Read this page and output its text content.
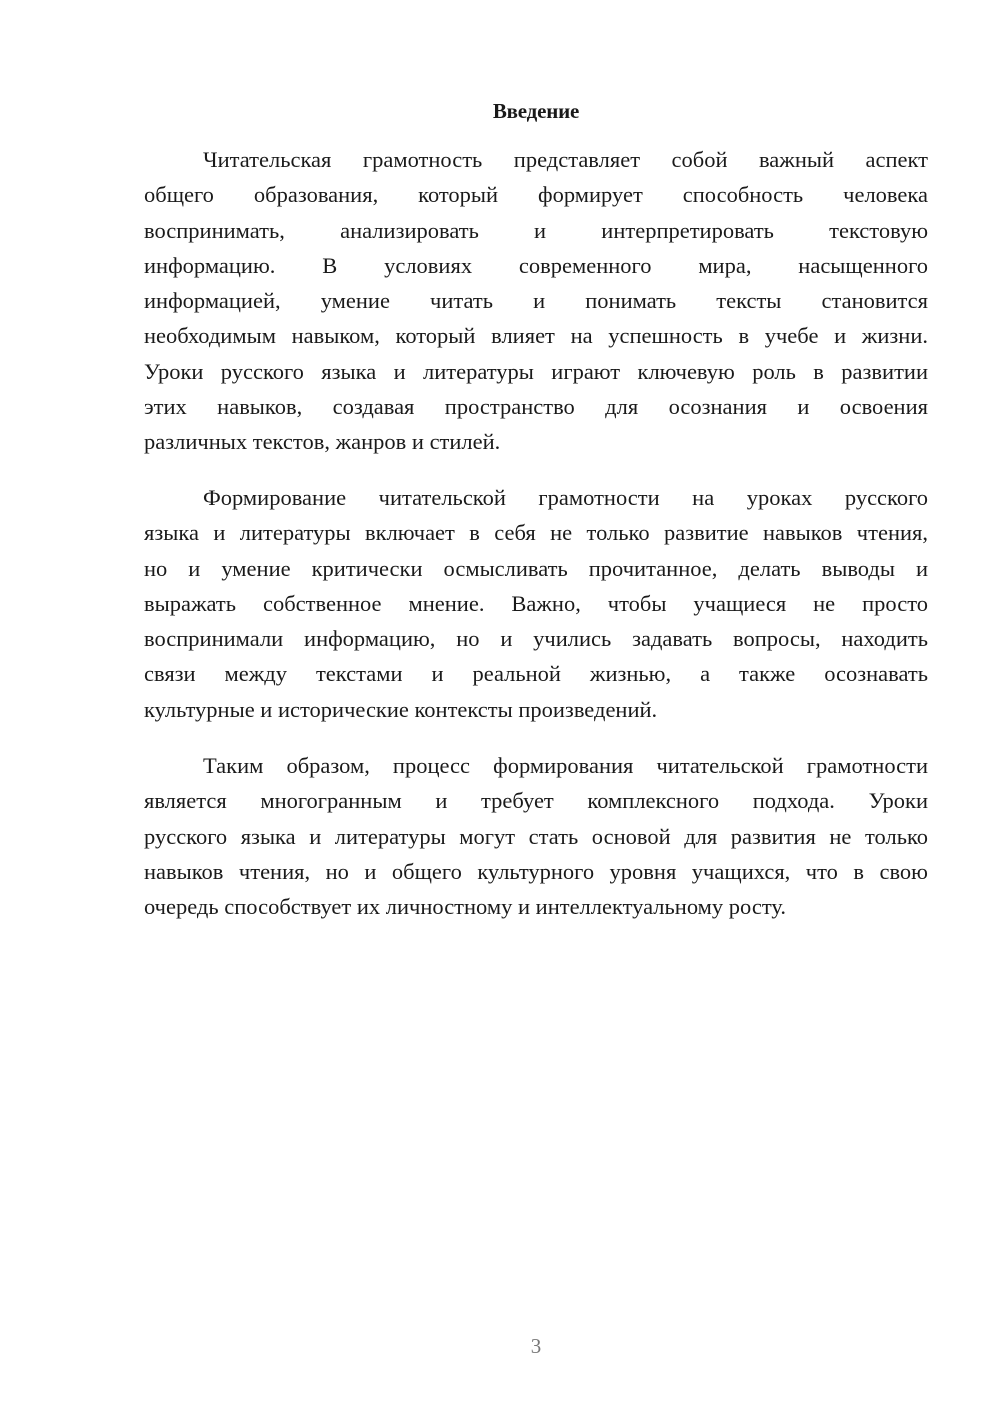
Введение
Читательская грамотность представляет собой важный аспект
общего образования, который формирует способность человека
воспринимать, анализировать и интерпретировать текстовую
информацию. В условиях современного мира, насыщенного
информацией, умение читать и понимать тексты становится
необходимым навыком, который влияет на успешность в учебе и жизни.
Уроки русского языка и литературы играют ключевую роль в развитии
этих навыков, создавая пространство для осознания и освоения
различных текстов, жанров и стилей.
Формирование читательской грамотности на уроках русского
языка и литературы включает в себя не только развитие навыков чтения,
но и умение критически осмысливать прочитанное, делать выводы и
выражать собственное мнение. Важно, чтобы учащиеся не просто
воспринимали информацию, но и учились задавать вопросы, находить
связи между текстами и реальной жизнью, а также осознавать
культурные и исторические контексты произведений.
Таким образом, процесс формирования читательской грамотности
является многогранным и требует комплексного подхода. Уроки
русского языка и литературы могут стать основой для развития не только
навыков чтения, но и общего культурного уровня учащихся, что в свою
очередь способствует их личностному и интеллектуальному росту.
3
